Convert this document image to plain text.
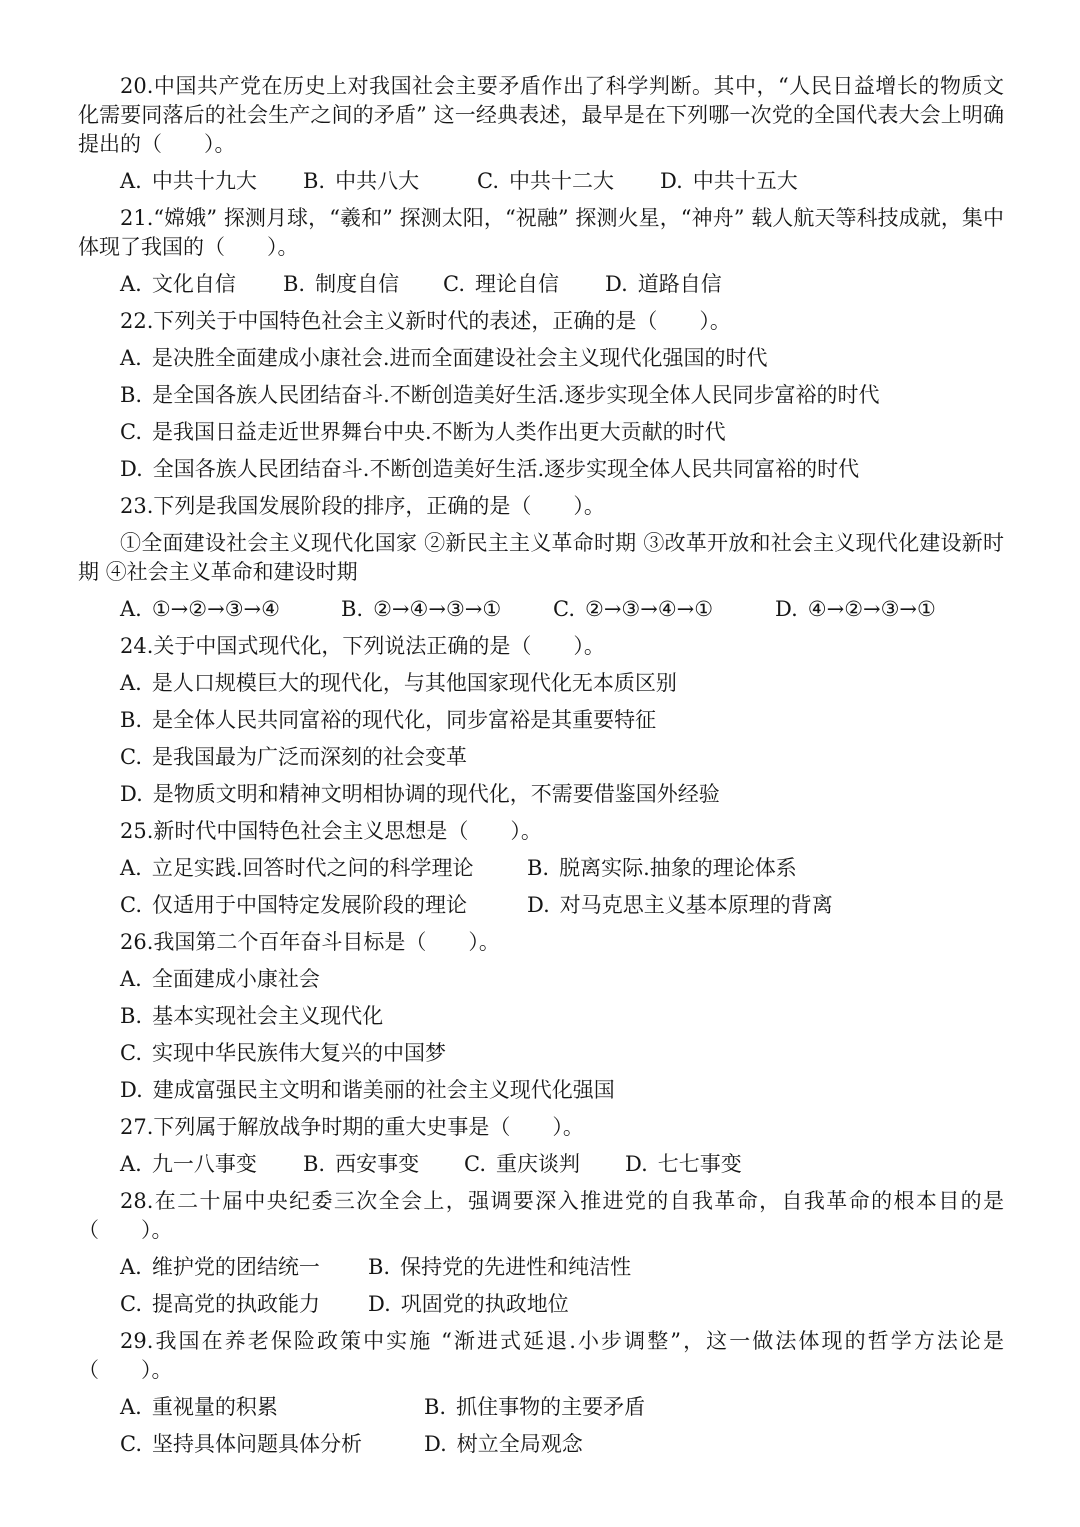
20.中国共产党在历史上对我国社会主要矛盾作出了科学判断。其中，“人民日益增长的物质文化需要同落后的社会生产之间的矛盾” 这一经典表述，最早是在下列哪一次党的全国代表大会上明确提出的（　　）。

A. 中共十九大	B. 中共八大	C. 中共十二大	D. 中共十五大

21.“嫦娥” 探测月球，“羲和” 探测太阳，“祝融” 探测火星，“神舟” 载人航天等科技成就，集中体现了我国的（　　）。

A. 文化自信	B. 制度自信	C. 理论自信	D. 道路自信

22.下列关于中国特色社会主义新时代的表述，正确的是（　　）。

A. 是决胜全面建成小康社会.进而全面建设社会主义现代化强国的时代

B. 是全国各族人民团结奋斗.不断创造美好生活.逐步实现全体人民同步富裕的时代

C. 是我国日益走近世界舞台中央.不断为人类作出更大贡献的时代

D. 全国各族人民团结奋斗.不断创造美好生活.逐步实现全体人民共同富裕的时代

23.下列是我国发展阶段的排序，正确的是（　　）。

①全面建设社会主义现代化国家 ②新民主主义革命时期 ③改革开放和社会主义现代化建设新时期 ④社会主义革命和建设时期

A. ①→②→③→④	B. ②→④→③→①	C. ②→③→④→①	D. ④→②→③→①

24.关于中国式现代化，下列说法正确的是（　　）。

A. 是人口规模巨大的现代化，与其他国家现代化无本质区别

B. 是全体人民共同富裕的现代化，同步富裕是其重要特征

C. 是我国最为广泛而深刻的社会变革

D. 是物质文明和精神文明相协调的现代化，不需要借鉴国外经验

25.新时代中国特色社会主义思想是（　　）。

A. 立足实践.回答时代之问的科学理论	B. 脱离实际.抽象的理论体系

C. 仅适用于中国特定发展阶段的理论	D. 对马克思主义基本原理的背离

26.我国第二个百年奋斗目标是（　　）。

A. 全面建成小康社会

B. 基本实现社会主义现代化

C. 实现中华民族伟大复兴的中国梦

D. 建成富强民主文明和谐美丽的社会主义现代化强国

27.下列属于解放战争时期的重大史事是（　　）。

A. 九一八事变	B. 西安事变	C. 重庆谈判	D. 七七事变

28.在二十届中央纪委三次全会上，强调要深入推进党的自我革命，自我革命的根本目的是（　　）。

A. 维护党的团结统一	B. 保持党的先进性和纯洁性

C. 提高党的执政能力	D. 巩固党的执政地位

29.我国在养老保险政策中实施 “渐进式延退.小步调整”，这一做法体现的哲学方法论是（　　）。

A. 重视量的积累	B. 抓住事物的主要矛盾

C. 坚持具体问题具体分析	D. 树立全局观念
